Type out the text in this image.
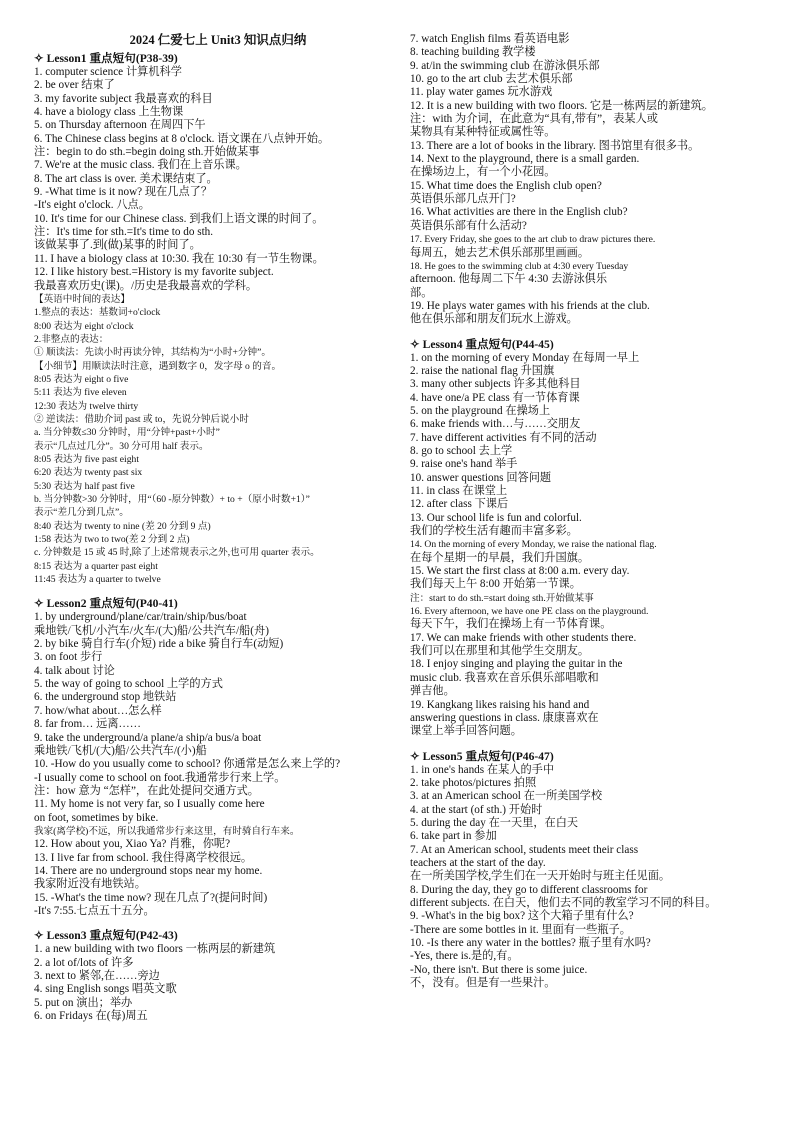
2024 仁爱七上 Unit3 知识点归纳
✧ Lesson1 重点短句(P38-39)
1. computer science 计算机科学
2. be over 结束了
3. my favorite subject 我最喜欢的科目
4. have a biology class 上生物课
5. on Thursday afternoon 在周四下午
6. The Chinese class begins at 8 o'clock. 语文课在八点钟开始。
注：begin to do sth.=begin doing sth.开始做某事
7. We're at the music class. 我们在上音乐课。
8. The art class is over. 美术课结束了。
9. -What time is it now? 现在几点了？
-It's eight o'clock. 八点。
10. It's time for our Chinese class. 到我们上语文课的时间了。
注：It's time for sth.=It's time to do sth.
该做某事了.到(做)某事的时间了。
11. I have a biology class at 10:30. 我在 10:30 有一节生物课。
12. I like history best.=History is my favorite subject.
我最喜欢历史(课)。/历史是我最喜欢的学科。
【英语中时间的表达】
1.整点的表达：基数词+o'clock
8:00 表达为 eight o'clock
2.非整点的表达：
① 顺读法：先读小时再读分钟，其结构为“小时+分钟”。
【小细节】用顺读法时注意，遇到数字 0，发字母 o 的音。
8:05 表达为 eight o five
5:11 表达为 five eleven
12:30 表达为 twelve thirty
② 逆读法：借助介词 past 或 to，先说分钟后说小时
a. 当分钟数≤30 分钟时，用“分钟+past+小时”
表示“几点过几分”。30 分可用 half 表示。
8:05 表达为 five past eight
6:20 表达为 twenty past six
5:30 表达为 half past five
b. 当分钟数>30 分钟时，用“（60 -原分钟数）+ to +（原小时数+1）”
表示“差几分到几点”。
8:40 表达为 twenty to nine (差 20 分到 9 点)
1:58 表达为 two to two(差 2 分到 2 点)
c. 分钟数是 15 或 45 时,除了上述常规表示之外,也可用 quarter 表示。
8:15 表达为 a quarter past eight
11:45 表达为 a quarter to twelve
✧ Lesson2 重点短句(P40-41)
1. by underground/plane/car/train/ship/bus/boat
乘地铁/飞机/小汽车/火车/(大)船/公共汽车/船(舟)
2. by bike 骑自行车(介短) ride a bike 骑自行车(动短)
3. on foot 步行
4. talk about 讨论
5. the way of going to school 上学的方式
6. the underground stop 地铁站
7. how/what about…怎么样
8. far from… 远离……
9. take the underground/a plane/a ship/a bus/a boat
乘地铁/飞机/(大)船/公共汽车/(小)船
10. -How do you usually come to school? 你通常是怎么来上学的?
-I usually come to school on foot.我通常步行来上学。
注：how 意为 “怎样”，在此处提问交通方式。
11. My home is not very far, so I usually come here
on foot, sometimes by bike.
我家(离学校)不远，所以我通常步行来这里，有时骑自行车来。
12. How about you, Xiao Ya? 肖雅，你呢?
13. I live far from school. 我住得离学校很远。
14. There are no underground stops near my home.
我家附近没有地铁站。
15. -What's the time now? 现在几点了?(提问时间)
-It's 7:55.七点五十五分。
✧ Lesson3 重点短句(P42-43)
1. a new building with two floors 一栋两层的新建筑
2. a lot of/lots of 许多
3. next to 紧邻,在……旁边
4. sing English songs 唱英文歌
5. put on 演出；举办
6. on Fridays 在(每)周五
7. watch English films 看英语电影
8. teaching building 教学楼
9. at/in the swimming club 在游泳俱乐部
10. go to the art club 去艺术俱乐部
11. play water games 玩水游戏
12. It is a new building with two floors. 它是一栋两层的新建筑。
注：with 为介词，在此意为“具有,带有”，表某人或
某物具有某种特征或属性等。
13. There are a lot of books in the library. 图书馆里有很多书。
14. Next to the playground, there is a small garden.
在操场边上，有一个小花园。
15. What time does the English club open?
英语俱乐部几点开门?
16. What activities are there in the English club?
英语俱乐部有什么活动?
17. Every Friday, she goes to the art club to draw pictures there.
每周五，她去艺术俱乐部那里画画。
18. He goes to the swimming club at 4:30 every Tuesday
afternoon. 他每周二下午 4:30 去游泳俱乐
部。
19. He plays water games with his friends at the club.
他在俱乐部和朋友们玩水上游戏。
✧ Lesson4 重点短句(P44-45)
1. on the morning of every Monday 在每周一早上
2. raise the national flag 升国旗
3. many other subjects 许多其他科目
4. have one/a PE class 有一节体育课
5. on the playground 在操场上
6. make friends with…与……交朋友
7. have different activities 有不同的活动
8. go to school 去上学
9. raise one's hand 举手
10. answer questions 回答问题
11. in class 在课堂上
12. after class 下课后
13. Our school life is fun and colorful.
我们的学校生活有趣而丰富多彩。
14. On the morning of every Monday, we raise the national flag.
在每个星期一的早晨，我们升国旗。
15. We start the first class at 8:00 a.m. every day.
我们每天上午 8:00 开始第一节课。
注：start to do sth.=start doing sth.开始做某事
16. Every afternoon, we have one PE class on the playground.
每天下午，我们在操场上有一节体育课。
17. We can make friends with other students there.
我们可以在那里和其他学生交朋友。
18. I enjoy singing and playing the guitar in the
music club. 我喜欢在音乐俱乐部唱歌和
弹吉他。
19. Kangkang likes raising his hand and
answering questions in class. 康康喜欢在
课堂上举手回答问题。
✧ Lesson5 重点短句(P46-47)
1. in one's hands 在某人的手中
2. take photos/pictures 拍照
3. at an American school 在一所美国学校
4. at the start (of sth.) 开始时
5. during the day 在一天里，在白天
6. take part in 参加
7. At an American school, students meet their class
teachers at the start of the day.
在一所美国学校,学生们在一天开始时与班主任见面。
8. During the day, they go to different classrooms for
different subjects. 在白天，他们去不同的教室学习不同的科目。
9. -What's in the big box? 这个大箱子里有什么?
-There are some bottles in it. 里面有一些瓶子。
10. -Is there any water in the bottles? 瓶子里有水吗?
-Yes, there is.是的,有。
-No, there isn't. But there is some juice.
不，没有。但是有一些果汁。
